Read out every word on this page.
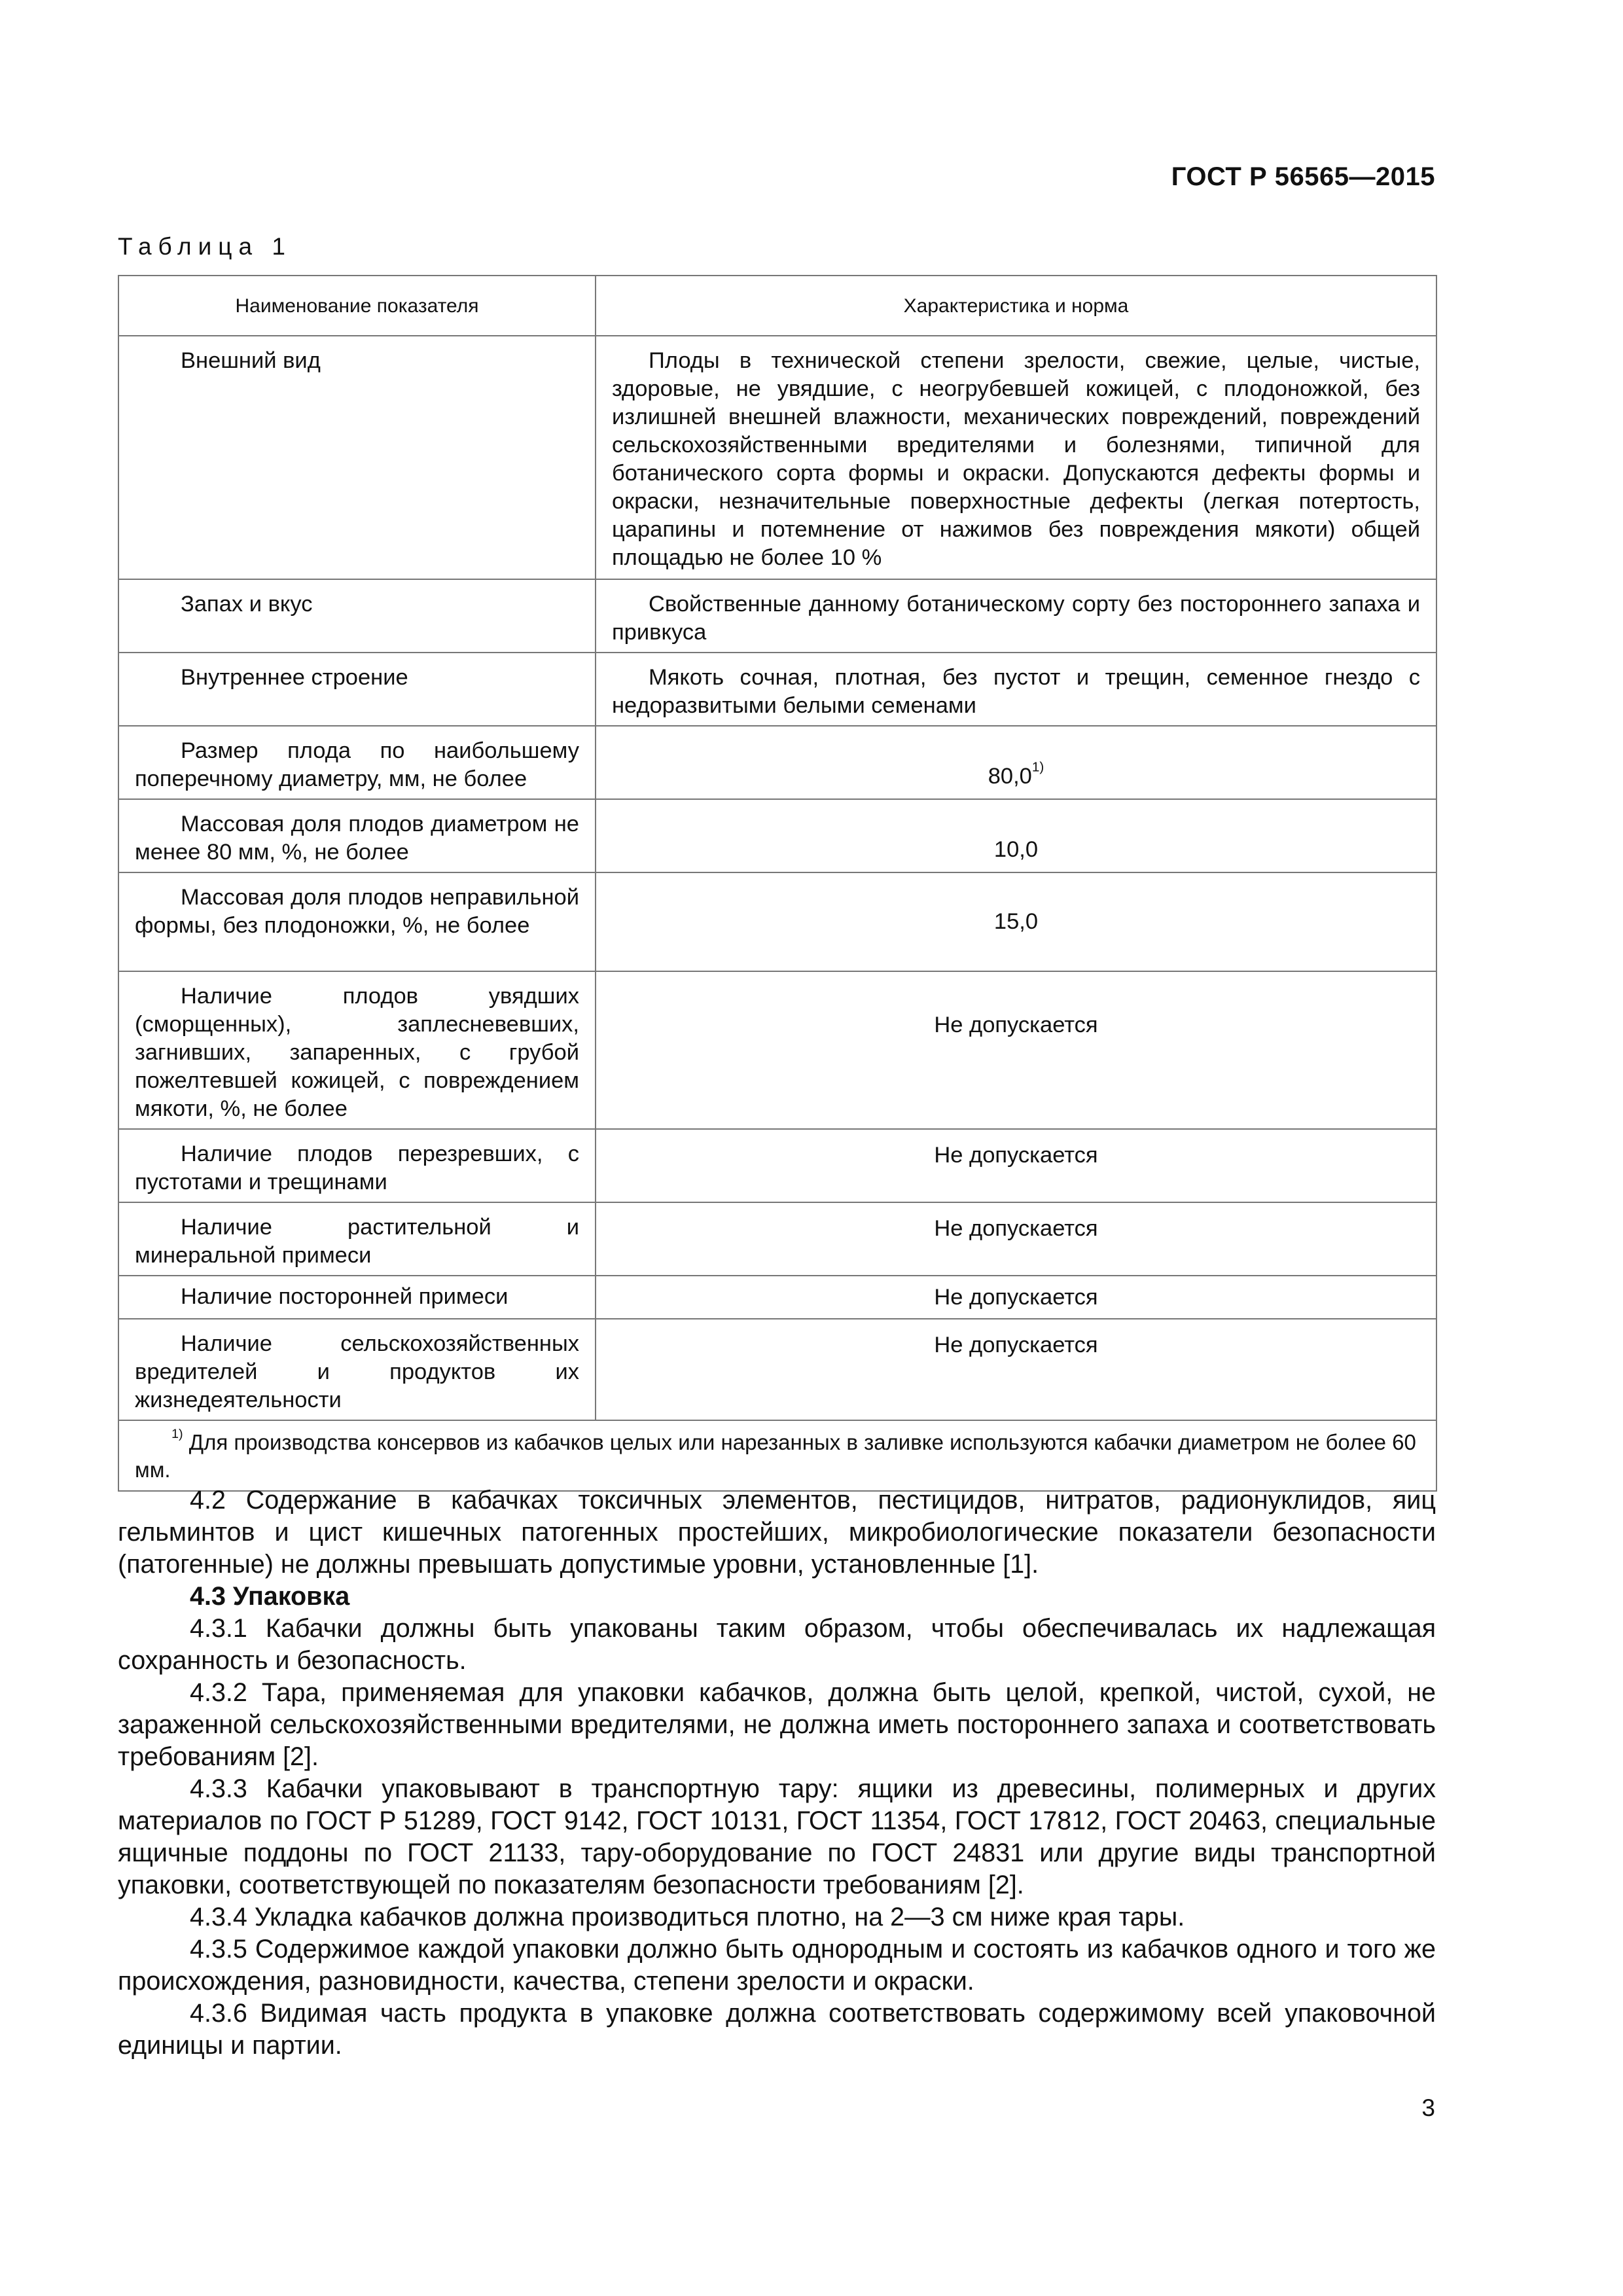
ГОСТ Р 56565—2015
Таблица 1
Наименование показателя	Характеристика и норма
Внешний вид	Плоды в технической степени зрелости, свежие, целые, чистые, здоровые, не увядшие, с неогрубевшей кожицей, с плодоножкой, без излишней внешней влажности, механических повреждений, повреждений сельскохозяйственными вредителями и болезнями, типичной для ботанического сорта формы и окраски. Допускаются дефекты формы и окраски, незначительные поверхностные дефекты (легкая потертость, царапины и потемнение от нажимов без повреждения мякоти) общей площадью не более 10 %
Запах и вкус	Свойственные данному ботаническому сорту без постороннего запаха и привкуса
Внутреннее строение	Мякоть сочная, плотная, без пустот и трещин, семенное гнездо с недоразвитыми белыми семенами
Размер плода по наибольшему поперечному диаметру, мм, не более	80,0$^{1)}$
Массовая доля плодов диаметром не менее 80 мм, %, не более	10,0
Массовая доля плодов неправильной формы, без плодоножки, %, не более	15,0
Наличие плодов увядших (сморщенных), заплесневевших, загнивших, запаренных, с грубой пожелтевшей кожицей, с повреждением мякоти, %, не более	Не допускается
Наличие плодов перезревших, с пустотами и трещинами	Не допускается
Наличие растительной и минеральной примеси	Не допускается
Наличие посторонней примеси	Не допускается
Наличие сельскохозяйственных вредителей и продуктов их жизнедеятельности	Не допускается
$^{1)}$ Для производства консервов из кабачков целых или нарезанных в заливке используются кабачки диаметром не более 60 мм.	

4.2 Содержание в кабачках токсичных элементов, пестицидов, нитратов, радионуклидов, яиц гельминтов и цист кишечных патогенных простейших, микробиологические показатели безопасности (патогенные) не должны превышать допустимые уровни, установленные [1].

4.3 Упаковка

4.3.1 Кабачки должны быть упакованы таким образом, чтобы обеспечивалась их надлежащая сохранность и безопасность.

4.3.2 Тара, применяемая для упаковки кабачков, должна быть целой, крепкой, чистой, сухой, не зараженной сельскохозяйственными вредителями, не должна иметь постороннего запаха и соответствовать требованиям [2].

4.3.3 Кабачки упаковывают в транспортную тару: ящики из древесины, полимерных и других материалов по ГОСТ Р 51289, ГОСТ 9142, ГОСТ 10131, ГОСТ 11354, ГОСТ 17812, ГОСТ 20463, специальные ящичные поддоны по ГОСТ 21133, тару-оборудование по ГОСТ 24831 или другие виды транспортной упаковки, соответствующей по показателям безопасности требованиям [2].

4.3.4 Укладка кабачков должна производиться плотно, на 2—3 см ниже края тары.

4.3.5 Содержимое каждой упаковки должно быть однородным и состоять из кабачков одного и того же происхождения, разновидности, качества, степени зрелости и окраски.

4.3.6 Видимая часть продукта в упаковке должна соответствовать содержимому всей упаковочной единицы и партии.

3
